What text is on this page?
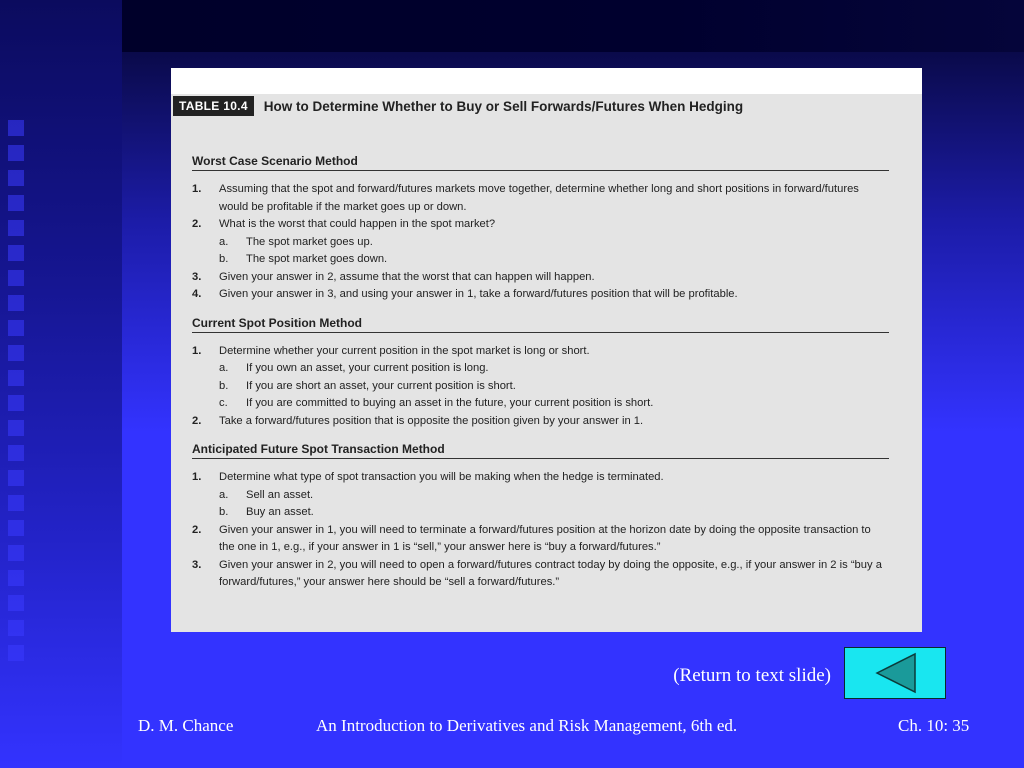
TABLE 10.4	How to Determine Whether to Buy or Sell Forwards/Futures When Hedging
Worst Case Scenario Method
1.	Assuming that the spot and forward/futures markets move together, determine whether long and short positions in forward/futures would be profitable if the market goes up or down.
2.	What is the worst that could happen in the spot market?
a.	The spot market goes up.
b.	The spot market goes down.
3.	Given your answer in 2, assume that the worst that can happen will happen.
4.	Given your answer in 3, and using your answer in 1, take a forward/futures position that will be profitable.
Current Spot Position Method
1.	Determine whether your current position in the spot market is long or short.
a.	If you own an asset, your current position is long.
b.	If you are short an asset, your current position is short.
c.	If you are committed to buying an asset in the future, your current position is short.
2.	Take a forward/futures position that is opposite the position given by your answer in 1.
Anticipated Future Spot Transaction Method
1.	Determine what type of spot transaction you will be making when the hedge is terminated.
a.	Sell an asset.
b.	Buy an asset.
2.	Given your answer in 1, you will need to terminate a forward/futures position at the horizon date by doing the opposite transaction to the one in 1, e.g., if your answer in 1 is “sell,” your answer here is “buy a forward/futures.”
3.	Given your answer in 2, you will need to open a forward/futures contract today by doing the opposite, e.g., if your answer in 2 is “buy a forward/futures,” your answer here should be “sell a forward/futures.”
(Return to text slide)
D. M. Chance	An Introduction to Derivatives and Risk Management, 6th ed.	Ch. 10: 35
